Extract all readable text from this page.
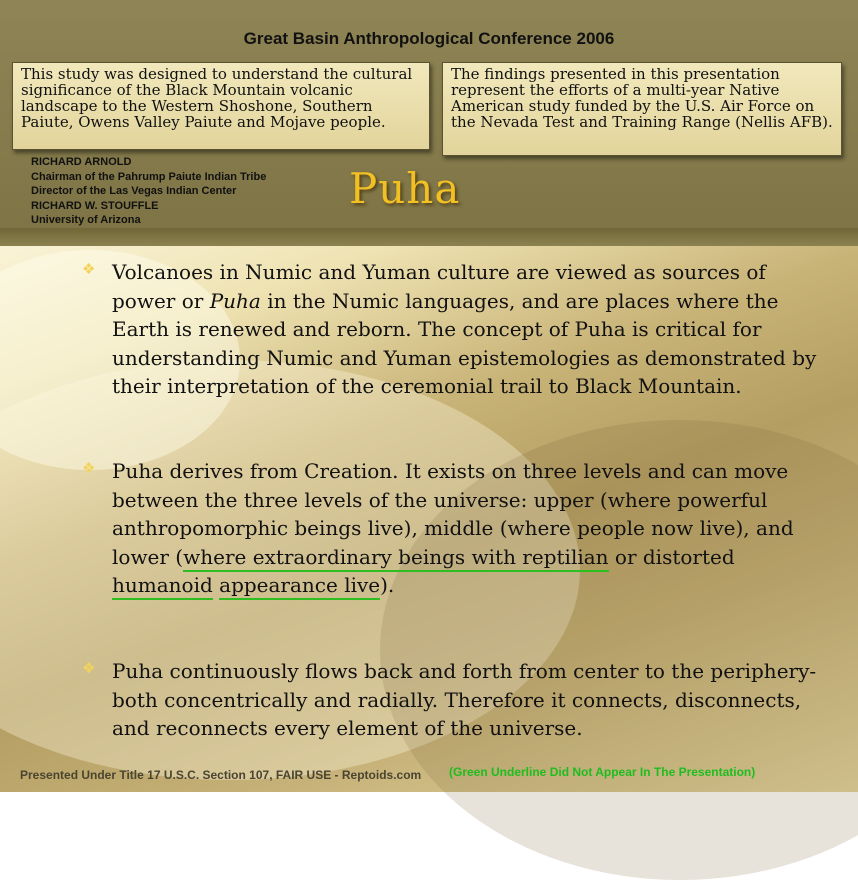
Great Basin Anthropological Conference 2006
This study was designed to understand the cultural significance of the Black Mountain volcanic landscape to the Western Shoshone, Southern Paiute, Owens Valley Paiute and Mojave people.
The findings presented in this presentation represent the efforts of a multi-year Native American study funded by the U.S. Air Force on the Nevada Test and Training Range (Nellis AFB).
RICHARD ARNOLD
Chairman of the Pahrump Paiute Indian Tribe
Director of the Las Vegas Indian Center
RICHARD W. STOUFFLE
University of Arizona
Puha
❖ Volcanoes in Numic and Yuman culture are viewed as sources of power or Puha in the Numic languages, and are places where the Earth is renewed and reborn. The concept of Puha is critical for understanding Numic and Yuman epistemologies as demonstrated by their interpretation of the ceremonial trail to Black Mountain.
❖ Puha derives from Creation. It exists on three levels and can move between the three levels of the universe: upper (where powerful anthropomorphic beings live), middle (where people now live), and lower (where extraordinary beings with reptilian or distorted humanoid appearance live).
❖ Puha continuously flows back and forth from center to the periphery-both concentrically and radially. Therefore it connects, disconnects, and reconnects every element of the universe.
Presented Under Title 17 U.S.C. Section 107, FAIR USE - Reptoids.com (Green Underline Did Not Appear In The Presentation)
